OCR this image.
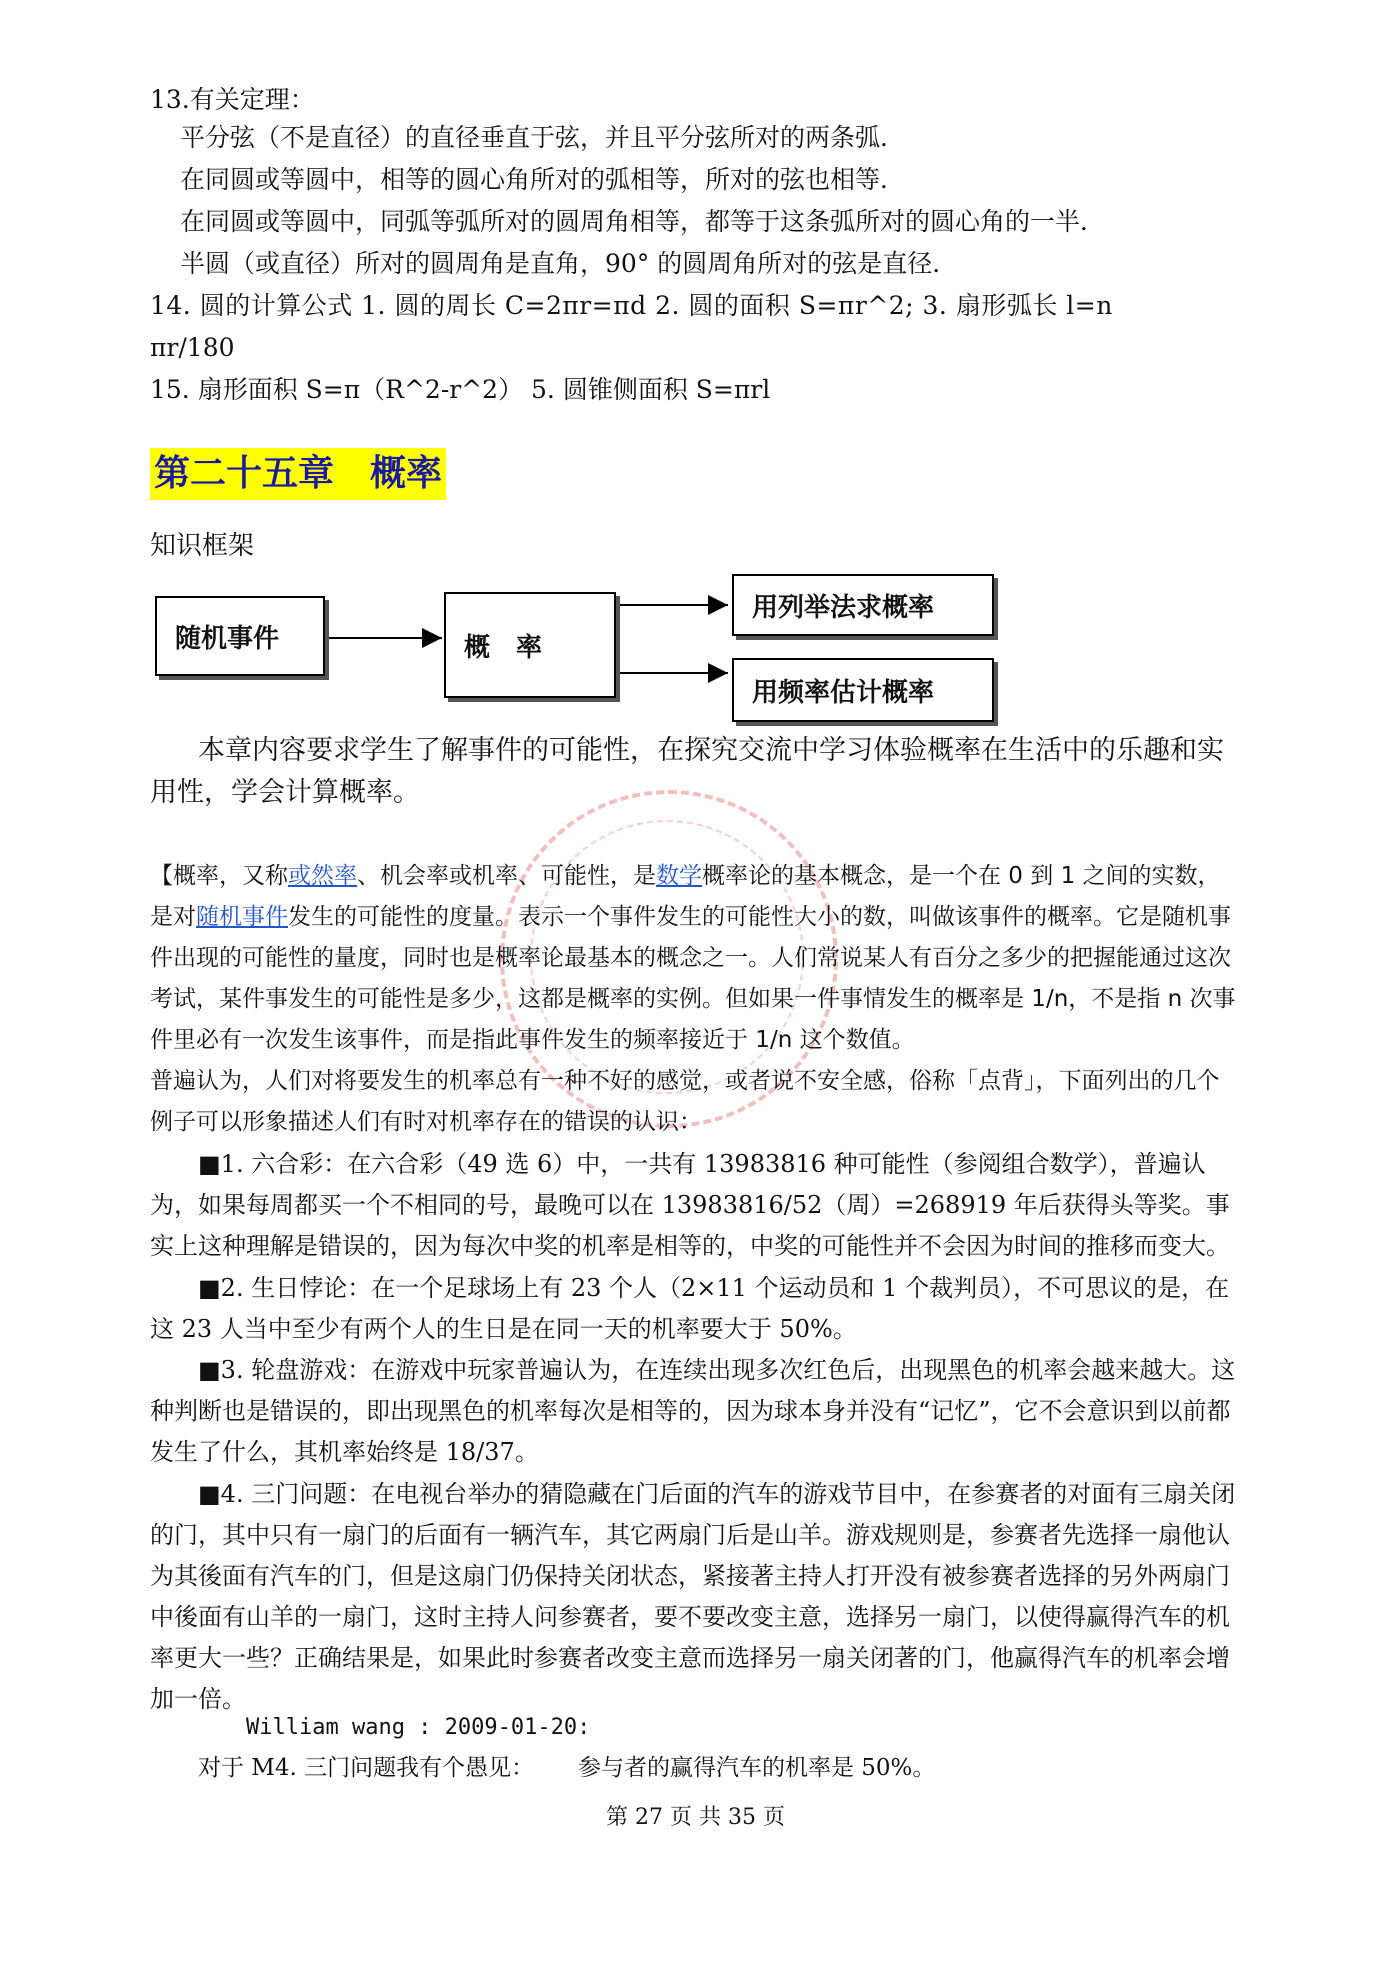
13.有关定理：
平分弦（不是直径）的直径垂直于弦，并且平分弦所对的两条弧．
在同圆或等圆中，相等的圆心角所对的弧相等，所对的弦也相等．
在同圆或等圆中，同弧等弧所对的圆周角相等，都等于这条弧所对的圆心角的一半．
半圆（或直径）所对的圆周角是直角，90° 的圆周角所对的弦是直径．
14. 圆的计算公式 1. 圆的周长 C=2πr=πd 2. 圆的面积 S=πr^2; 3. 扇形弧长 l=n
πr/180
15. 扇形面积 S=π（R^2-r^2） 5. 圆锥侧面积 S=πrl
第二十五章　概率
知识框架
随机事件	概　率
用列举法求概率
用频率估计概率
本章内容要求学生了解事件的可能性，在探究交流中学习体验概率在生活中的乐趣和实用性，学会计算概率。
【概率，又称或然率、机会率或机率、可能性，是数学概率论的基本概念，是一个在 0 到 1 之间的实数，是对随机事件发生的可能性的度量。表示一个事件发生的可能性大小的数，叫做该事件的概率。它是随机事件出现的可能性的量度，同时也是概率论最基本的概念之一。人们常说某人有百分之多少的把握能通过这次考试，某件事发生的可能性是多少，这都是概率的实例。但如果一件事情发生的概率是 1/n，不是指 n 次事件里必有一次发生该事件，而是指此事件发生的频率接近于 1/n 这个数值。
普遍认为，人们对将要发生的机率总有一种不好的感觉，或者说不安全感，俗称「点背」，下面列出的几个例子可以形象描述人们有时对机率存在的错误的认识：
■1. 六合彩：在六合彩（49 选 6）中，一共有 13983816 种可能性（参阅组合数学），普遍认为，如果每周都买一个不相同的号，最晚可以在 13983816/52（周）=268919 年后获得头等奖。事实上这种理解是错误的，因为每次中奖的机率是相等的，中奖的可能性并不会因为时间的推移而变大。
■2. 生日悖论：在一个足球场上有 23 个人（2×11 个运动员和 1 个裁判员），不可思议的是，在这 23 人当中至少有两个人的生日是在同一天的机率要大于 50%。
■3. 轮盘游戏：在游戏中玩家普遍认为，在连续出现多次红色后，出现黑色的机率会越来越大。这种判断也是错误的，即出现黑色的机率每次是相等的，因为球本身并没有“记忆”，它不会意识到以前都发生了什么，其机率始终是 18/37。
■4. 三门问题：在电视台举办的猜隐藏在门后面的汽车的游戏节目中，在参赛者的对面有三扇关闭的门，其中只有一扇门的后面有一辆汽车，其它两扇门后是山羊。游戏规则是，参赛者先选择一扇他认为其後面有汽车的门，但是这扇门仍保持关闭状态，紧接著主持人打开没有被参赛者选择的另外两扇门中後面有山羊的一扇门，这时主持人问参赛者，要不要改变主意，选择另一扇门，以使得赢得汽车的机率更大一些？正确结果是，如果此时参赛者改变主意而选择另一扇关闭著的门，他赢得汽车的机率会增加一倍。
William wang : 2009-01-20:
对于 M4. 三门问题我有个愚见：      参与者的赢得汽车的机率是 50%。
第 27 页 共 35 页
